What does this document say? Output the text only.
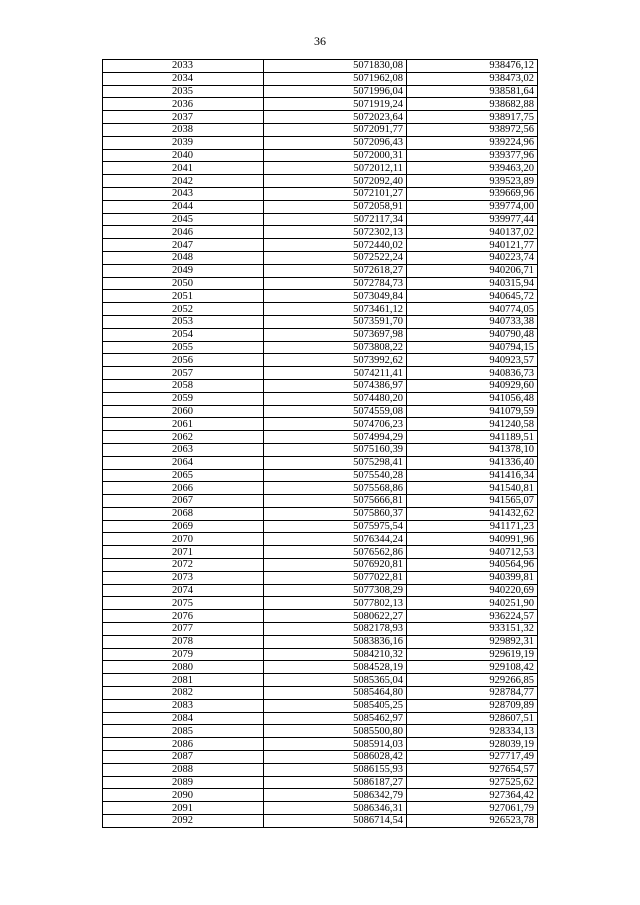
36
2033	5071830,08	938476,12
2034	5071962,08	938473,02
2035	5071996,04	938581,64
2036	5071919,24	938682,88
2037	5072023,64	938917,75
2038	5072091,77	938972,56
2039	5072096,43	939224,96
2040	5072000,31	939377,96
2041	5072012,11	939463,20
2042	5072092,40	939523,89
2043	5072101,27	939669,96
2044	5072058,91	939774,00
2045	5072117,34	939977,44
2046	5072302,13	940137,02
2047	5072440,02	940121,77
2048	5072522,24	940223,74
2049	5072618,27	940206,71
2050	5072784,73	940315,94
2051	5073049,84	940645,72
2052	5073461,12	940774,05
2053	5073591,70	940733,38
2054	5073697,98	940790,48
2055	5073808,22	940794,15
2056	5073992,62	940923,57
2057	5074211,41	940836,73
2058	5074386,97	940929,60
2059	5074480,20	941056,48
2060	5074559,08	941079,59
2061	5074706,23	941240,58
2062	5074994,29	941189,51
2063	5075160,39	941378,10
2064	5075298,41	941336,40
2065	5075540,28	941416,34
2066	5075568,86	941540,81
2067	5075666,81	941565,07
2068	5075860,37	941432,62
2069	5075975,54	941171,23
2070	5076344,24	940991,96
2071	5076562,86	940712,53
2072	5076920,81	940564,96
2073	5077022,81	940399,81
2074	5077308,29	940220,69
2075	5077802,13	940251,90
2076	5080622,27	936224,57
2077	5082178,93	933151,32
2078	5083836,16	929892,31
2079	5084210,32	929619,19
2080	5084528,19	929108,42
2081	5085365,04	929266,85
2082	5085464,80	928784,77
2083	5085405,25	928709,89
2084	5085462,97	928607,51
2085	5085500,80	928334,13
2086	5085914,03	928039,19
2087	5086028,42	927717,49
2088	5086155,93	927654,57
2089	5086187,27	927525,62
2090	5086342,79	927364,42
2091	5086346,31	927061,79
2092	5086714,54	926523,78
